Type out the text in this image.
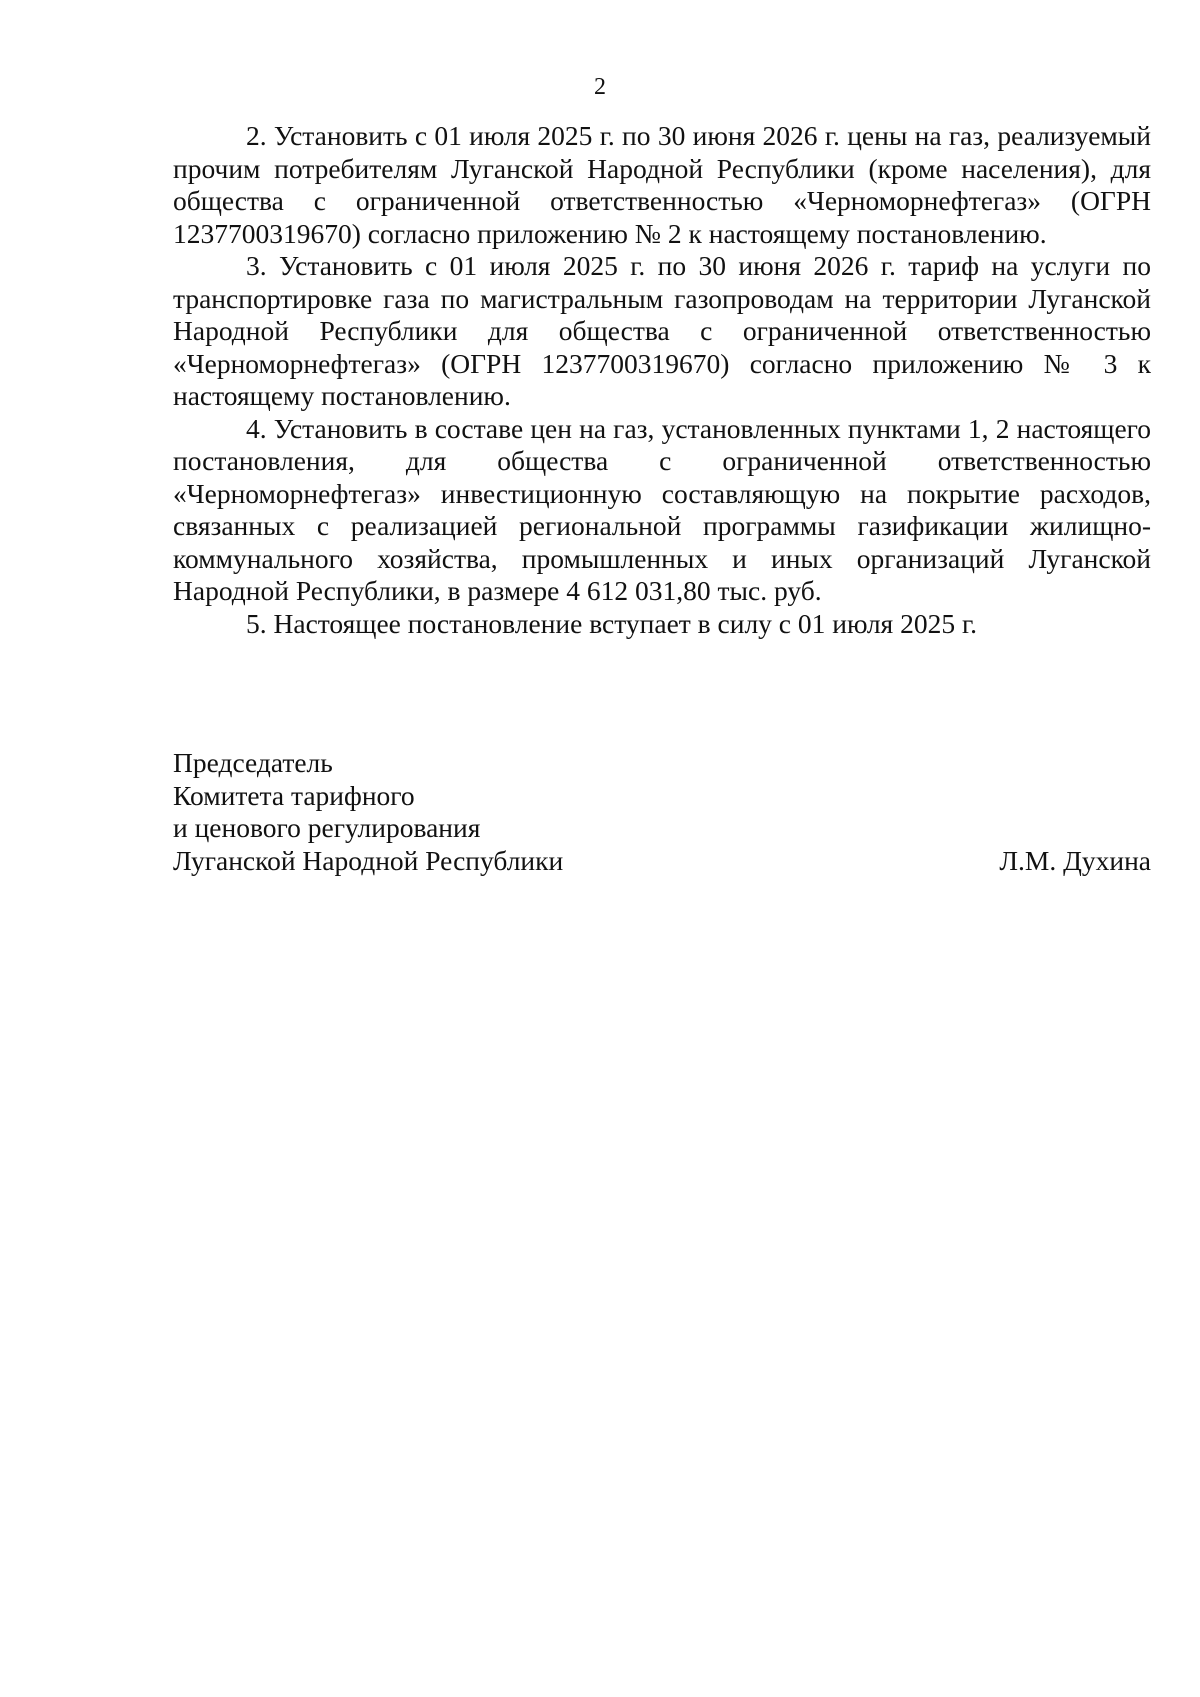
2

2. Установить с 01 июля 2025 г. по 30 июня 2026 г. цены на газ, реализуемый прочим потребителям Луганской Народной Республики (кроме населения), для общества с ограниченной ответственностью «Черноморнефтегаз» (ОГРН 1237700319670) согласно приложению № 2 к настоящему постановлению.

3. Установить с 01 июля 2025 г. по 30 июня 2026 г. тариф на услуги по транспортировке газа по магистральным газопроводам на территории Луганской Народной Республики для общества с ограниченной ответственностью «Черноморнефтегаз» (ОГРН 1237700319670) согласно приложению № 3 к настоящему постановлению.

4. Установить в составе цен на газ, установленных пунктами 1, 2 настоящего постановления, для общества с ограниченной ответственностью «Черноморнефтегаз» инвестиционную составляющую на покрытие расходов, связанных с реализацией региональной программы газификации жилищно-коммунального хозяйства, промышленных и иных организаций Луганской Народной Республики, в размере 4 612 031,80 тыс. руб.

5. Настоящее постановление вступает в силу с 01 июля 2025 г.

Председатель
Комитета тарифного
и ценового регулирования
Луганской Народной Республики	Л.М. Духина
